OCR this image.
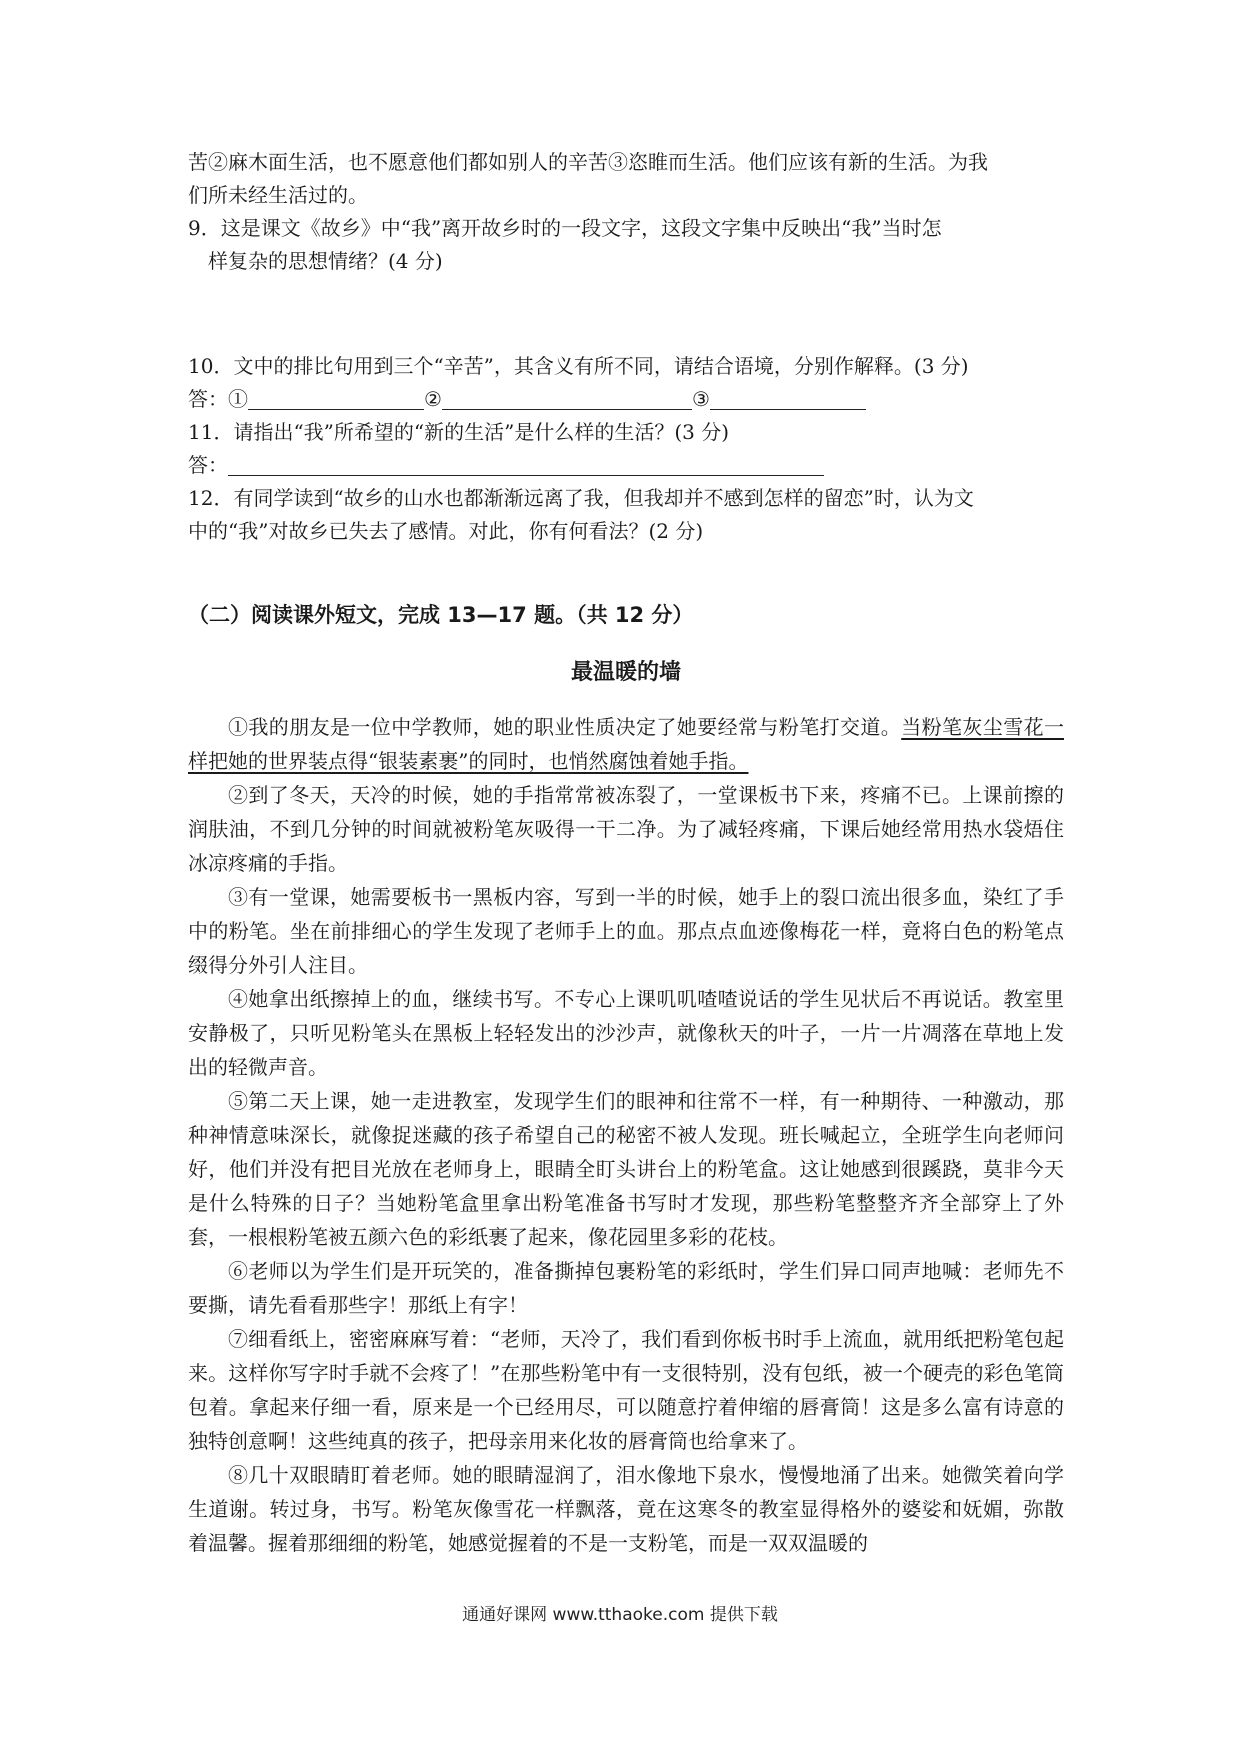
苦②麻木面生活，也不愿意他们都如别人的辛苦③恣睢而生活。他们应该有新的生活。为我
们所未经生活过的。
9．这是课文《故乡》中“我”离开故乡时的一段文字，这段文字集中反映出“我”当时怎
样复杂的思想情绪？(4 分)
10．文中的排比句用到三个“辛苦”，其含义有所不同，请结合语境，分别作解释。(3 分)
答：①	②	③
11．请指出“我”所希望的“新的生活”是什么样的生活？(3 分)
答：
12．有同学读到“故乡的山水也都渐渐远离了我，但我却并不感到怎样的留恋”时，认为文
中的“我”对故乡已失去了感情。对此，你有何看法？(2 分)
（二）阅读课外短文，完成 13—17 题。（共 12 分）
最温暖的墙

①我的朋友是一位中学教师，她的职业性质决定了她要经常与粉笔打交道。当粉笔灰尘雪花一样把她的世界装点得“银装素裹”的同时，也悄然腐蚀着她手指。

②到了冬天，天冷的时候，她的手指常常被冻裂了，一堂课板书下来，疼痛不已。上课前擦的润肤油，不到几分钟的时间就被粉笔灰吸得一干二净。为了减轻疼痛，下课后她经常用热水袋焐住冰凉疼痛的手指。

③有一堂课，她需要板书一黑板内容，写到一半的时候，她手上的裂口流出很多血，染红了手中的粉笔。坐在前排细心的学生发现了老师手上的血。那点点血迹像梅花一样，竟将白色的粉笔点缀得分外引人注目。

④她拿出纸擦掉上的血，继续书写。不专心上课叽叽喳喳说话的学生见状后不再说话。教室里安静极了，只听见粉笔头在黑板上轻轻发出的沙沙声，就像秋天的叶子，一片一片凋落在草地上发出的轻微声音。

⑤第二天上课，她一走进教室，发现学生们的眼神和往常不一样，有一种期待、一种激动，那种神情意味深长，就像捉迷藏的孩子希望自己的秘密不被人发现。班长喊起立，全班学生向老师问好，他们并没有把目光放在老师身上，眼睛全盯头讲台上的粉笔盒。这让她感到很蹊跷，莫非今天是什么特殊的日子？当她粉笔盒里拿出粉笔准备书写时才发现，那些粉笔整整齐齐全部穿上了外套，一根根粉笔被五颜六色的彩纸裹了起来，像花园里多彩的花枝。

⑥老师以为学生们是开玩笑的，准备撕掉包裹粉笔的彩纸时，学生们异口同声地喊：老师先不要撕，请先看看那些字！那纸上有字！

⑦细看纸上，密密麻麻写着：“老师，天冷了，我们看到你板书时手上流血，就用纸把粉笔包起来。这样你写字时手就不会疼了！”在那些粉笔中有一支很特别，没有包纸，被一个硬壳的彩色笔筒包着。拿起来仔细一看，原来是一个已经用尽，可以随意拧着伸缩的唇膏筒！这是多么富有诗意的独特创意啊！这些纯真的孩子，把母亲用来化妆的唇膏筒也给拿来了。

⑧几十双眼睛盯着老师。她的眼睛湿润了，泪水像地下泉水，慢慢地涌了出来。她微笑着向学生道谢。转过身，书写。粉笔灰像雪花一样飘落，竟在这寒冬的教室显得格外的婆娑和妩媚，弥散着温馨。握着那细细的粉笔，她感觉握着的不是一支粉笔，而是一双双温暖的

通通好课网 www.tthaoke.com 提供下载
